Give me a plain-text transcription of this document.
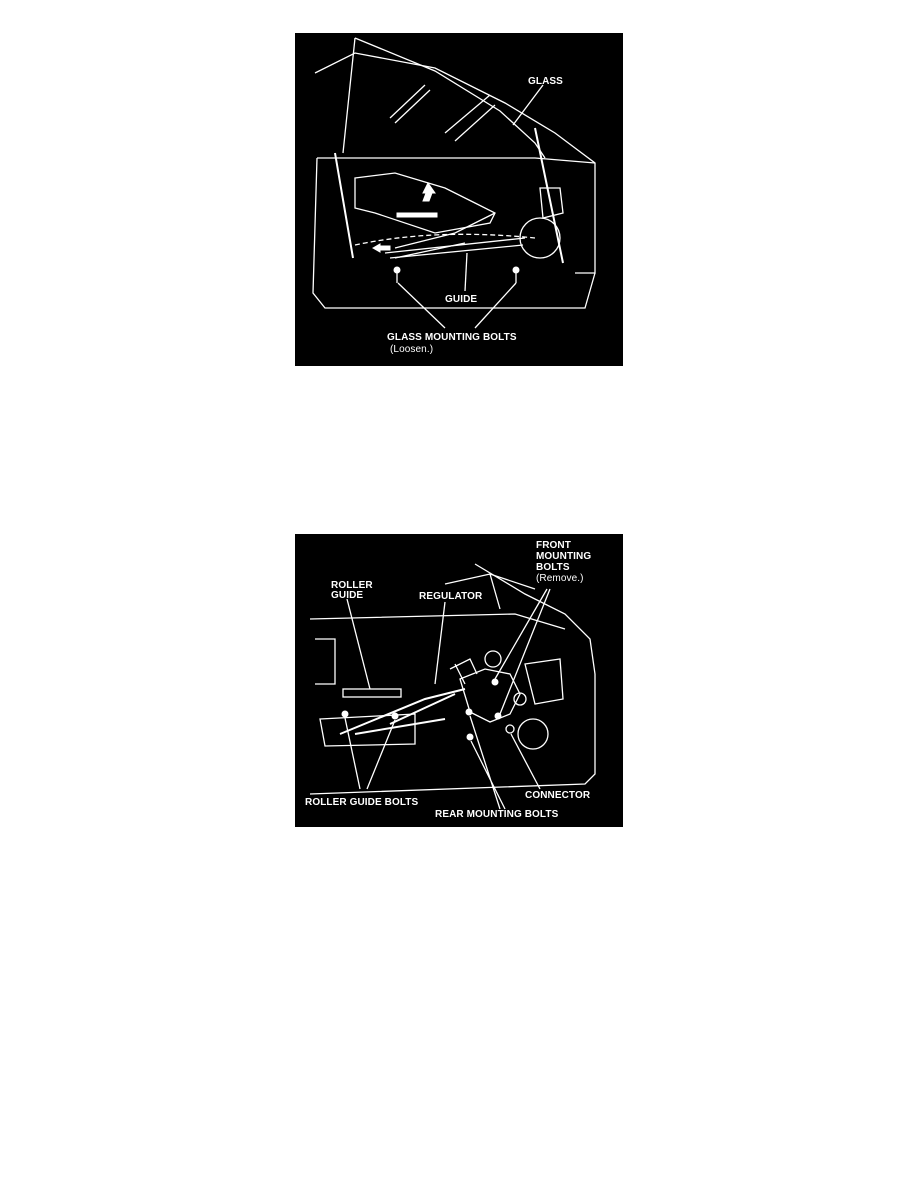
GLASS
GUIDE
GLASS MOUNTING BOLTS
(Loosen.)
FRONT
MOUNTING
BOLTS
(Remove.)
ROLLER
GUIDE	REGULATOR
CONNECTOR
ROLLER GUIDE BOLTS
REAR MOUNTING BOLTS
